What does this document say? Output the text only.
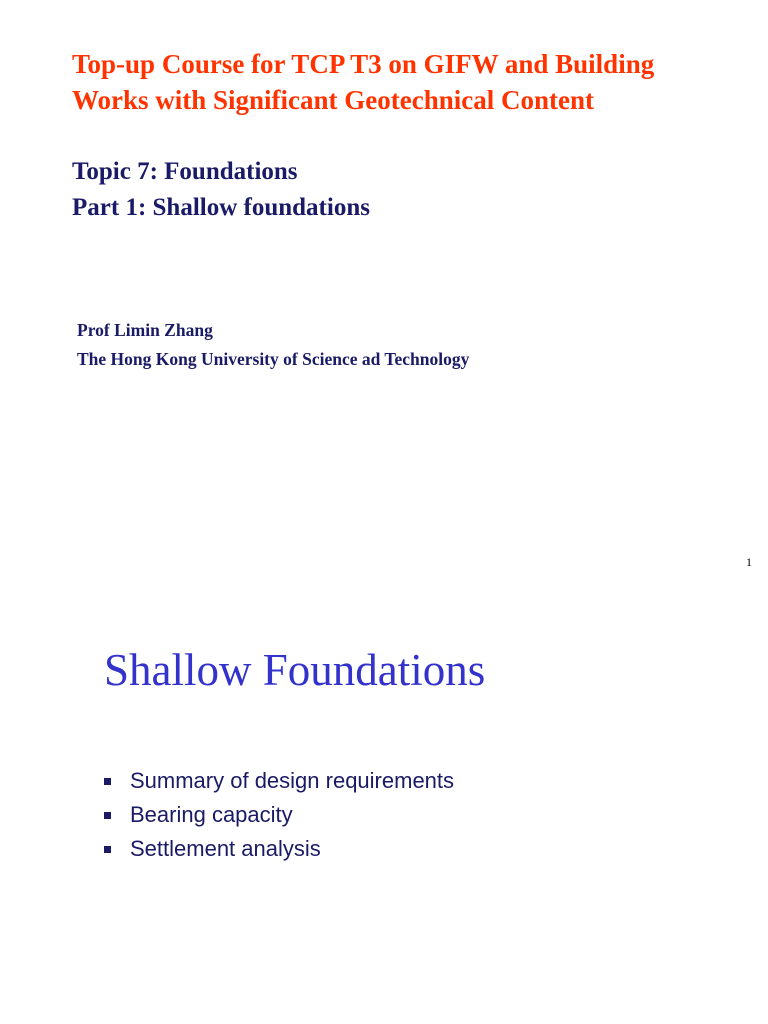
Top-up Course for TCP T3 on GIFW and Building
Works with Significant Geotechnical Content
Topic 7: Foundations
Part 1: Shallow foundations
Prof Limin Zhang
The Hong Kong University of Science ad Technology
1
Shallow Foundations
Summary of design requirements
Bearing capacity
Settlement analysis
